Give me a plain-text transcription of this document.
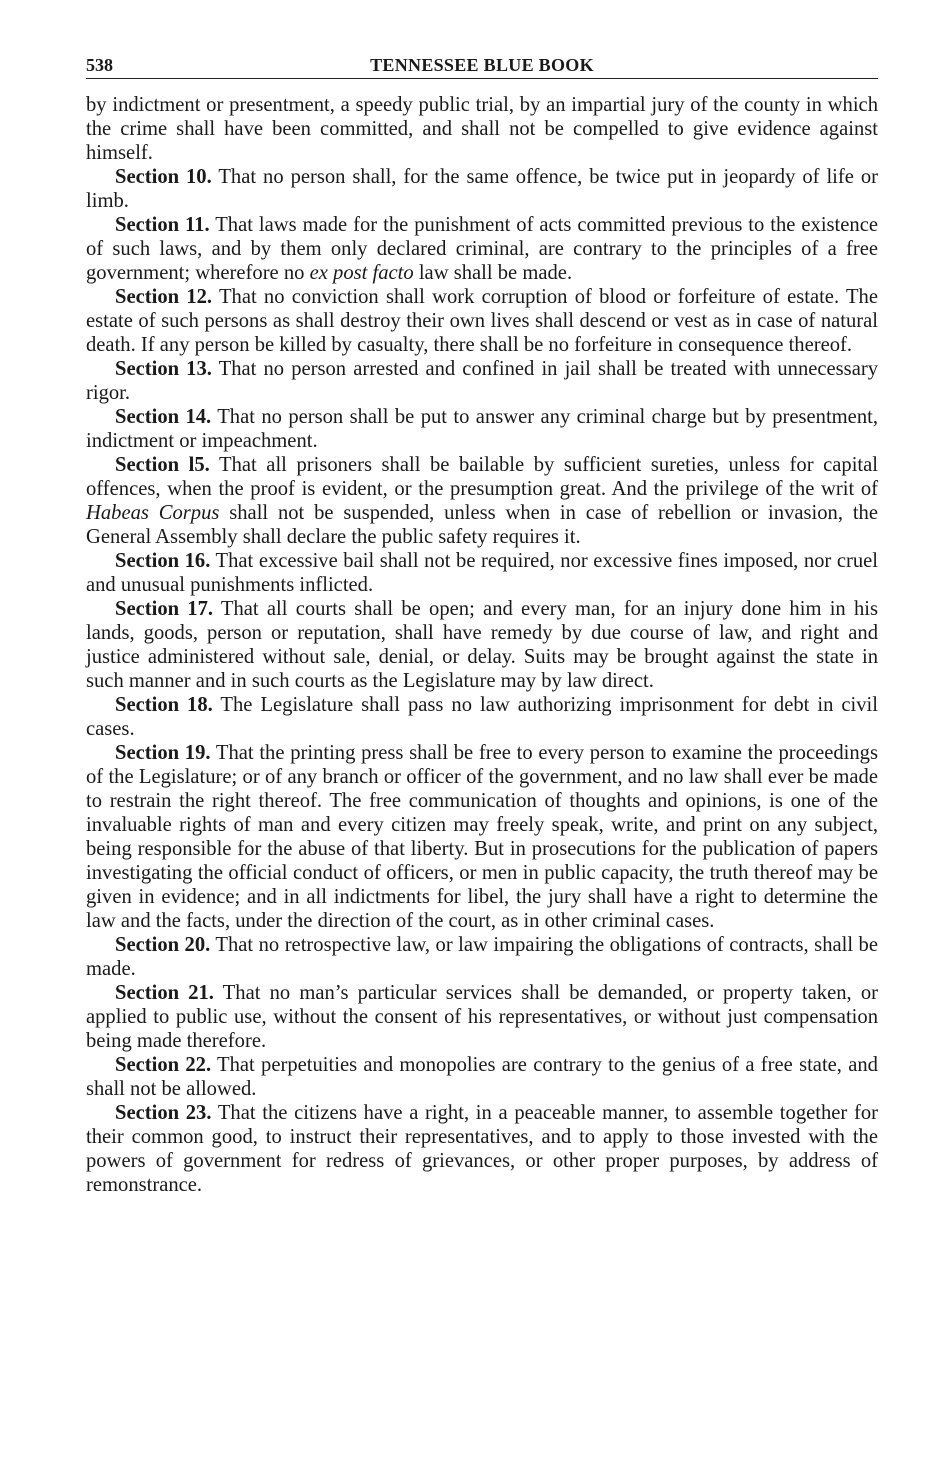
538	TENNESSEE BLUE BOOK

by indictment or presentment, a speedy public trial, by an impartial jury of the county in which the crime shall have been committed, and shall not be compelled to give evidence against himself.

Section 10. That no person shall, for the same offence, be twice put in jeopardy of life or limb.

Section 11. That laws made for the punishment of acts committed previous to the existence of such laws, and by them only declared criminal, are contrary to the principles of a free government; wherefore no ex post facto law shall be made.

Section 12. That no conviction shall work corruption of blood or forfeiture of estate. The estate of such persons as shall destroy their own lives shall descend or vest as in case of natural death. If any person be killed by casualty, there shall be no forfeiture in consequence thereof.

Section 13. That no person arrested and confined in jail shall be treated with unnecessary rigor.

Section 14. That no person shall be put to answer any criminal charge but by presentment, indictment or impeachment.

Section l5. That all prisoners shall be bailable by sufficient sureties, unless for capital offences, when the proof is evident, or the presumption great. And the privilege of the writ of Habeas Corpus shall not be suspended, unless when in case of rebellion or invasion, the General Assembly shall declare the public safety requires it.

Section 16. That excessive bail shall not be required, nor excessive fines imposed, nor cruel and unusual punishments inflicted.

Section 17. That all courts shall be open; and every man, for an injury done him in his lands, goods, person or reputation, shall have remedy by due course of law, and right and justice administered without sale, denial, or delay. Suits may be brought against the state in such manner and in such courts as the Legislature may by law direct.

Section 18. The Legislature shall pass no law authorizing imprisonment for debt in civil cases.

Section 19. That the printing press shall be free to every person to examine the proceedings of the Legislature; or of any branch or officer of the government, and no law shall ever be made to restrain the right thereof. The free communication of thoughts and opinions, is one of the invaluable rights of man and every citizen may freely speak, write, and print on any subject, being responsible for the abuse of that liberty. But in prosecutions for the publication of papers investigating the official conduct of officers, or men in public capacity, the truth thereof may be given in evidence; and in all indictments for libel, the jury shall have a right to determine the law and the facts, under the direction of the court, as in other criminal cases.

Section 20. That no retrospective law, or law impairing the obligations of contracts, shall be made.

Section 21. That no man’s particular services shall be demanded, or property taken, or applied to public use, without the consent of his representatives, or without just compensation being made therefore.

Section 22. That perpetuities and monopolies are contrary to the genius of a free state, and shall not be allowed.

Section 23. That the citizens have a right, in a peaceable manner, to assemble together for their common good, to instruct their representatives, and to apply to those invested with the powers of government for redress of grievances, or other proper purposes, by address of remonstrance.
